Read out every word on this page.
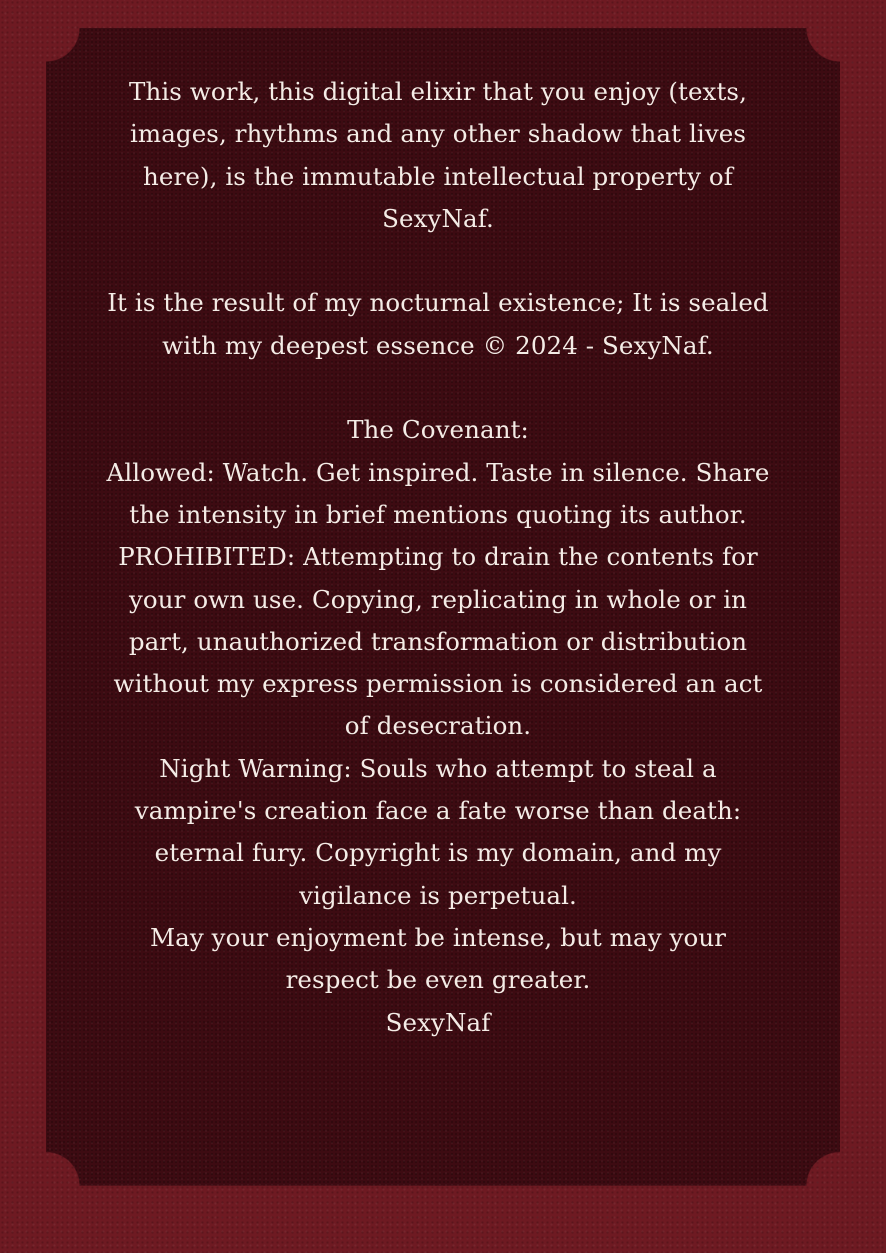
This work, this digital elixir that you enjoy (texts, images, rhythms and any other shadow that lives here), is the immutable intellectual property of SexyNaf.

It is the result of my nocturnal existence; It is sealed with my deepest essence © 2024 - SexyNaf.

The Covenant:

Allowed: Watch. Get inspired. Taste in silence. Share the intensity in brief mentions quoting its author.

PROHIBITED: Attempting to drain the contents for your own use. Copying, replicating in whole or in part, unauthorized transformation or distribution without my express permission is considered an act of desecration.

Night Warning: Souls who attempt to steal a vampire's creation face a fate worse than death: eternal fury. Copyright is my domain, and my vigilance is perpetual.

May your enjoyment be intense, but may your respect be even greater.

SexyNaf
